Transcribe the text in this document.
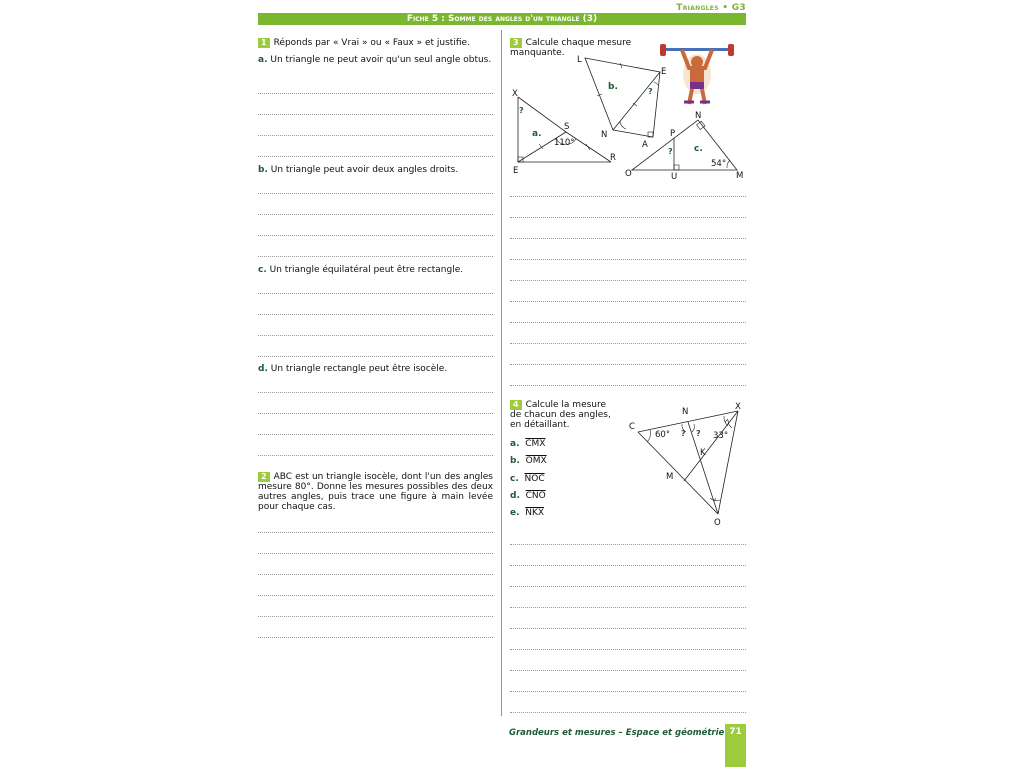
Triangles • G3
Fiche 5 : Somme des angles d'un triangle (3)
1 Réponds par « Vrai » ou « Faux » et justifie.
a. Un triangle ne peut avoir qu'un seul angle obtus.
b. Un triangle peut avoir deux angles droits.
c. Un triangle équilatéral peut être rectangle.
d. Un triangle rectangle peut être isocèle.
2 ABC est un triangle isocèle, dont l'un des angles mesure 80°. Donne les mesures possibles des deux autres angles, puis trace une figure à main levée pour chaque cas.
3 Calcule chaque mesure manquante.
X
S
E
R
110°
a.
?
L
E
N
A
b.	?
N
P
O	U	M
c.
54°
?
4 Calcule la mesure de chacun des angles, en détaillant.
a. $\overline{CMX}$
b. $\overline{OMX}$
c. $\overline{NOC}$
d. $\overline{CNO}$
e. $\overline{NKX}$
N	X
C
K
M
O
60°	33°
? ?
Grandeurs et mesures – Espace et géométrie 71
